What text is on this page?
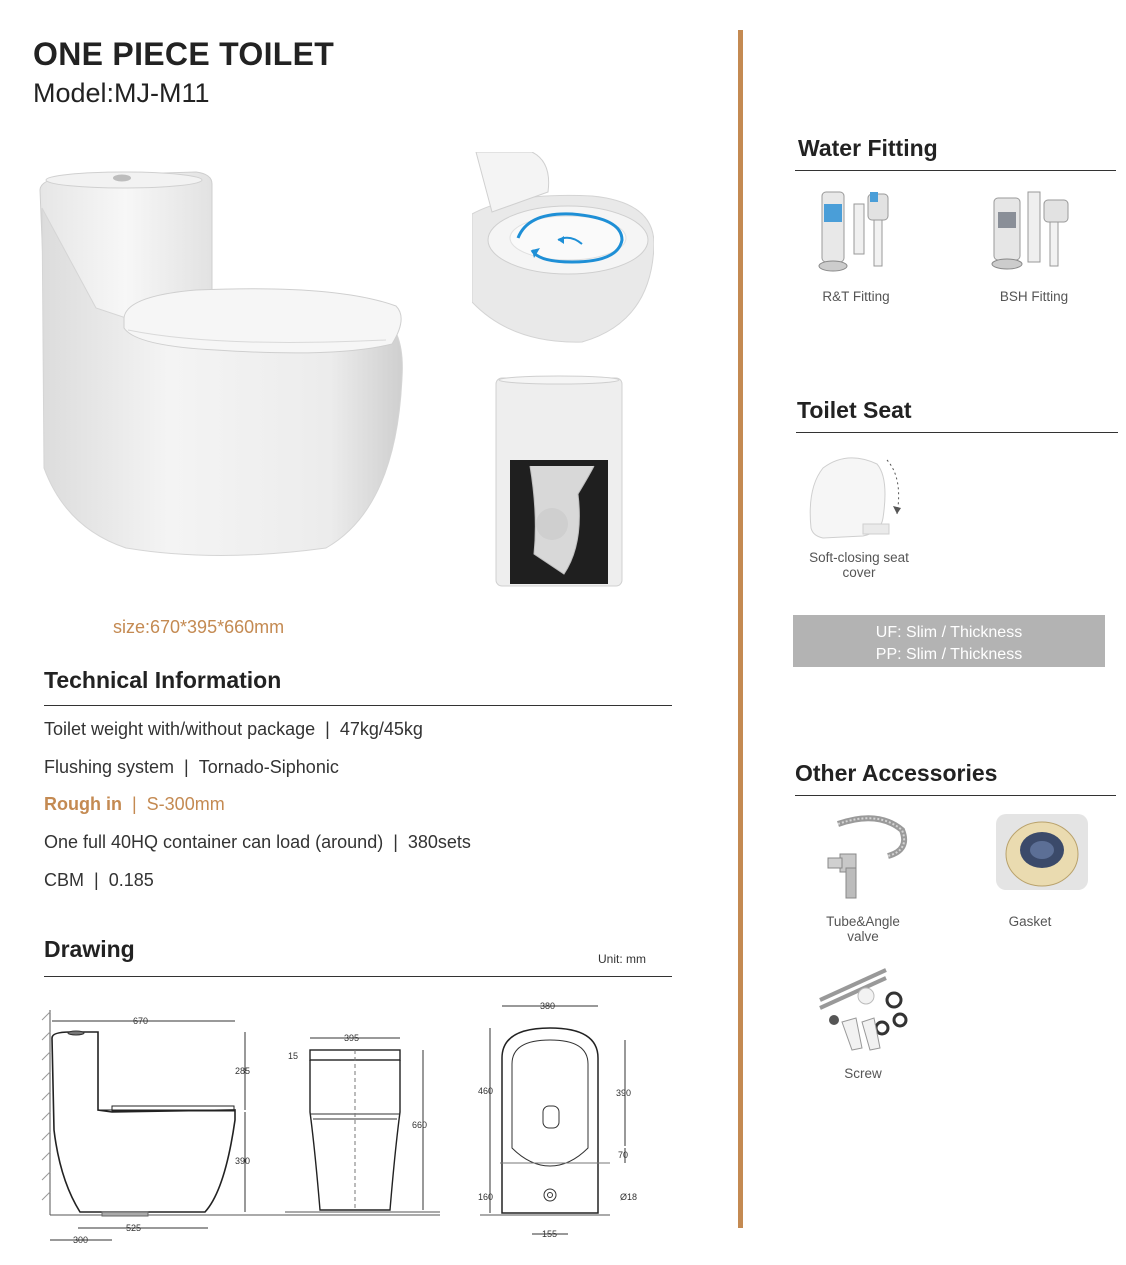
ONE PIECE TOILET
Model:MJ-M11
size:670*395*660mm
Technical Information
Toilet weight with/without package | 47kg/45kg
Flushing system | Tornado-Siphonic
Rough in | S-300mm
One full 40HQ container can load (around) | 380sets
CBM | 0.185
Drawing	Unit: mm
670
285
390
525
300
395
15
660
380
460	390
70
160	Ø18
155
Water Fitting
R&T Fitting	BSH Fitting
Toilet Seat
Soft-closing seat
cover
UF: Slim / Thickness
PP: Slim / Thickness
Other Accessories
Tube&Angle
valve
Gasket
Screw
